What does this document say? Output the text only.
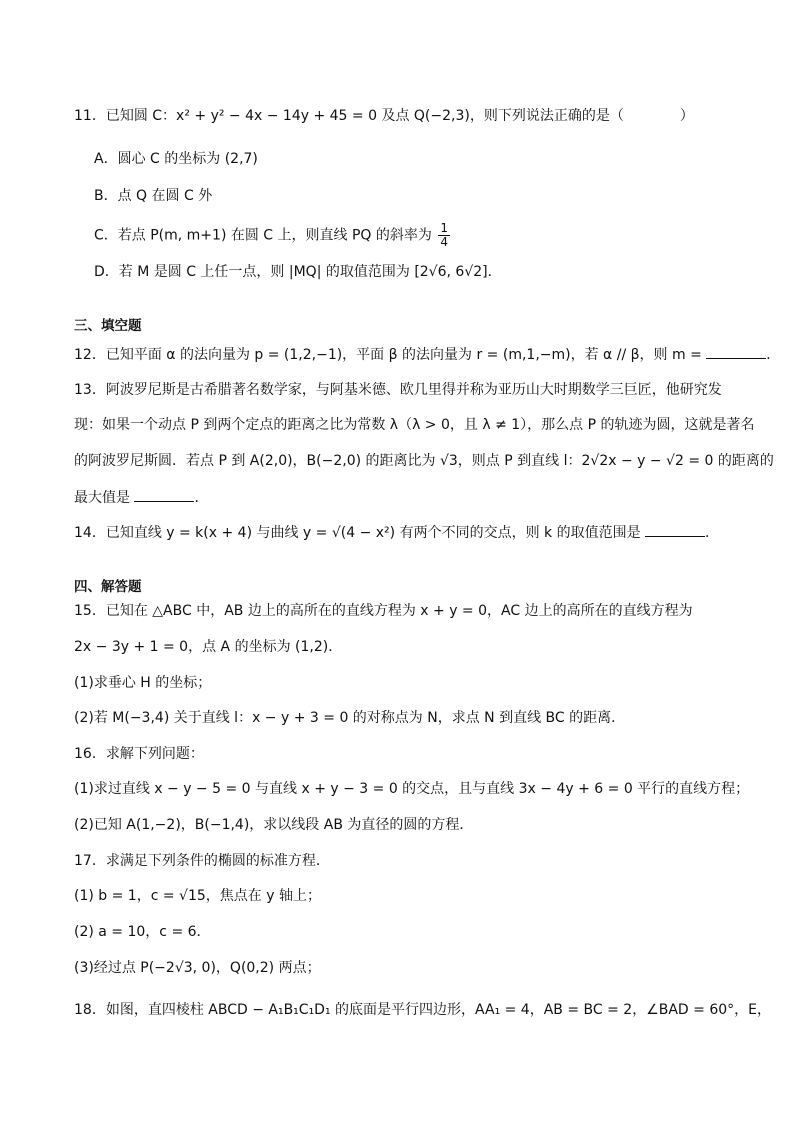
11．已知圆 C：x² + y² − 4x − 14y + 45 = 0 及点 Q(−2,3)，则下列说法正确的是（　　　　）
A．圆心 C 的坐标为 (2,7)
B．点 Q 在圆 C 外
C．若点 P(m, m+1) 在圆 C 上，则直线 PQ 的斜率为 $\frac{1}{4}$
D．若 M 是圆 C 上任一点，则 |MQ| 的取值范围为 [2√6, 6√2]．
三、填空题
12．已知平面 α 的法向量为 p = (1,2,−1)，平面 β 的法向量为 r = (m,1,−m)，若 α // β，则 m =	．
13．阿波罗尼斯是古希腊著名数学家，与阿基米德、欧几里得并称为亚历山大时期数学三巨匠，他研究发
现：如果一个动点 P 到两个定点的距离之比为常数 λ（λ > 0，且 λ ≠ 1），那么点 P 的轨迹为圆，这就是著名
的阿波罗尼斯圆．若点 P 到 A(2,0)，B(−2,0) 的距离比为 √3，则点 P 到直线 l：2√2x − y − √2 = 0 的距离的
最大值是	．
14．已知直线 y = k(x + 4) 与曲线 y = √(4 − x²) 有两个不同的交点，则 k 的取值范围是	．
四、解答题
15．已知在 △ABC 中，AB 边上的高所在的直线方程为 x + y = 0，AC 边上的高所在的直线方程为
2x − 3y + 1 = 0，点 A 的坐标为 (1,2)．
(1)求垂心 H 的坐标；
(2)若 M(−3,4) 关于直线 l：x − y + 3 = 0 的对称点为 N，求点 N 到直线 BC 的距离．
16．求解下列问题：
(1)求过直线 x − y − 5 = 0 与直线 x + y − 3 = 0 的交点，且与直线 3x − 4y + 6 = 0 平行的直线方程；
(2)已知 A(1,−2)，B(−1,4)，求以线段 AB 为直径的圆的方程．
17．求满足下列条件的椭圆的标准方程．
(1) b = 1，c = √15，焦点在 y 轴上；
(2) a = 10，c = 6．
(3)经过点 P(−2√3, 0)，Q(0,2) 两点；
18．如图，直四棱柱 ABCD − A₁B₁C₁D₁ 的底面是平行四边形，AA₁ = 4，AB = BC = 2，∠BAD = 60°，E，
